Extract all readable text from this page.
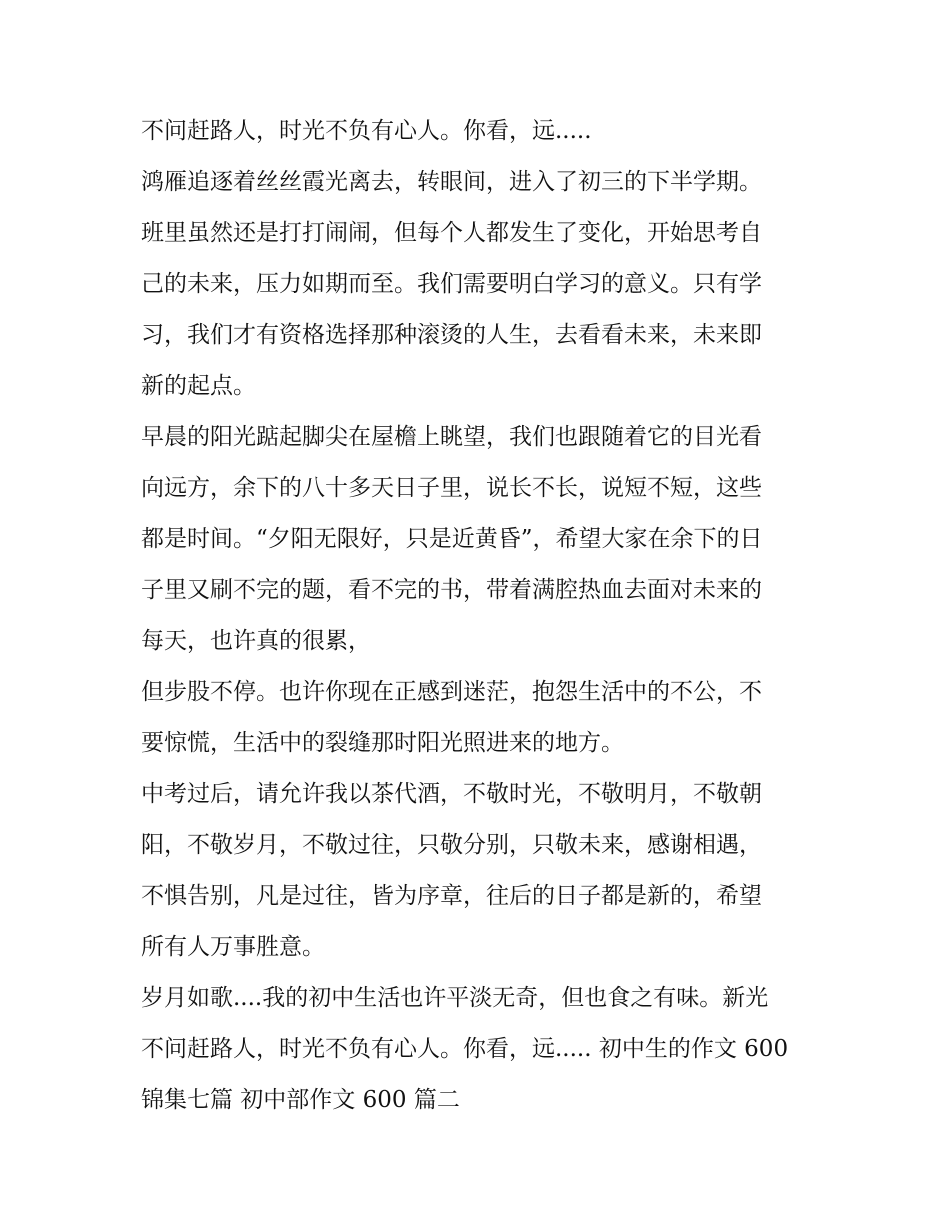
不问赶路人，时光不负有心人。你看，远.....
鸿雁追逐着丝丝霞光离去，转眼间，进入了初三的下半学期。
班里虽然还是打打闹闹，但每个人都发生了变化，开始思考自
己的未来，压力如期而至。我们需要明白学习的意义。只有学
习，我们才有资格选择那种滚烫的人生，去看看未来，未来即
新的起点。
早晨的阳光踮起脚尖在屋檐上眺望，我们也跟随着它的目光看
向远方，余下的八十多天日子里，说长不长，说短不短，这些
都是时间。“夕阳无限好，只是近黄昏”，希望大家在余下的日
子里又刷不完的题，看不完的书，带着满腔热血去面对未来的
每天，也许真的很累，
但步股不停。也许你现在正感到迷茫，抱怨生活中的不公，不
要惊慌，生活中的裂缝那时阳光照进来的地方。
中考过后，请允许我以茶代酒，不敬时光，不敬明月，不敬朝
阳，不敬岁月，不敬过往，只敬分别，只敬未来，感谢相遇，
不惧告别，凡是过往，皆为序章，往后的日子都是新的，希望
所有人万事胜意。
岁月如歌....我的初中生活也许平淡无奇，但也食之有味。新光
不问赶路人，时光不负有心人。你看，远..... 初中生的作文 600
锦集七篇 初中部作文 600 篇二
